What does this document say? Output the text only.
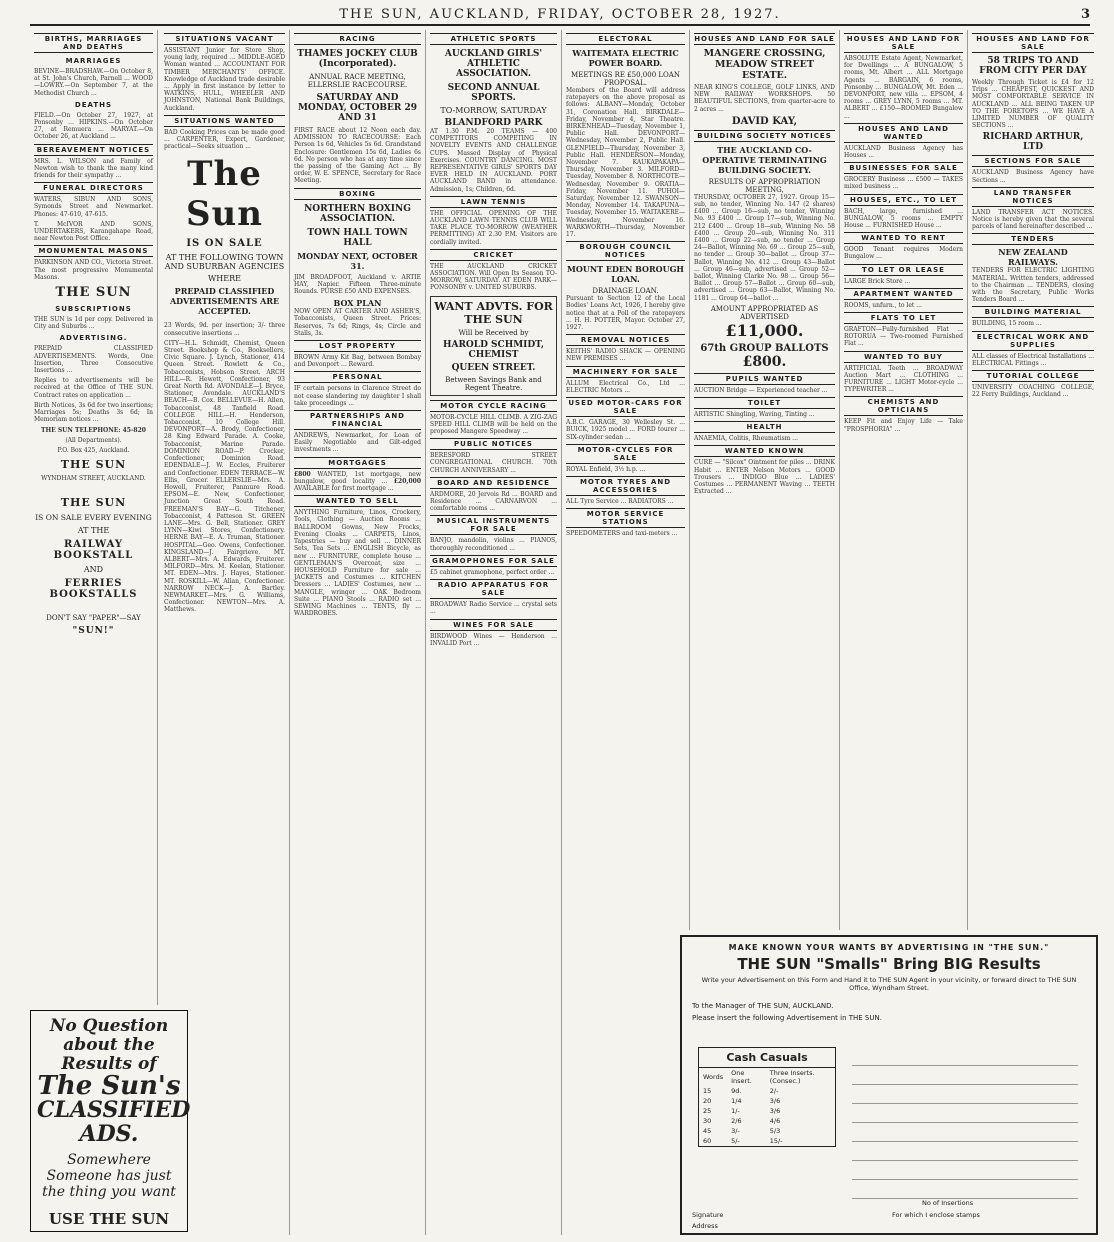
THE SUN, AUCKLAND, FRIDAY, OCTOBER 28, 1927.	3
BIRTHS, MARRIAGES AND DEATHS
MARRIAGES

BEVINE—BRADSHAW.—On October 8, at St. John's Church, Parnell ... WOOD—LOWRY.—On September 7, at the Methodist Church ...

DEATHS

FIELD.—On October 27, 1927, at Ponsonby ... HIPKINS.—On October 27, at Remuera ... MARYAT.—On October 26, at Auckland ...

BEREAVEMENT NOTICES

MRS. L. WILSON and Family of Newton wish to thank the many kind friends for their sympathy ...

FUNERAL DIRECTORS

WATERS, SIBUN AND SONS, Symonds Street and Newmarket. Phones: 47-610, 47-615.

T. McIVOR AND SONS, UNDERTAKERS, Karangahape Road, near Newton Post Office.

MONUMENTAL MASONS

PARKINSON AND CO., Victoria Street. The most progressive Monumental Masons.

THE SUN
SUBSCRIPTIONS

THE SUN is 1d per copy. Delivered in City and Suburbs ...

ADVERTISING.

PREPAID CLASSIFIED ADVERTISEMENTS. Words, One Insertion, Three Consecutive Insertions ...

Replies to advertisements will be received at the Office of THE SUN. Contract rates on application ...

Birth Notices, 3s 6d for two insertions; Marriages 5s; Deaths 3s 6d; In Memoriam notices ...

THE SUN TELEPHONE: 45-820
(All Departments).
P.O. Box 425, Auckland.
THE SUN
WYNDHAM STREET, AUCKLAND.
THE SUN
IS ON SALE EVERY EVENING
AT THE
RAILWAY BOOKSTALL
AND
FERRIES BOOKSTALLS
DON'T SAY "PAPER"—SAY
"SUN!"
No Question about the Results of
The Sun's
CLASSIFIED ADS.
Somewhere Someone has just the thing you want
USE THE SUN
SITUATIONS VACANT

ASSISTANT Junior for Store Shop, young lady, required ... MIDDLE-AGED Woman wanted ... ACCOUNTANT FOR TIMBER MERCHANTS' OFFICE. Knowledge of Auckland trade desirable ... Apply in first instance by letter to WATKINS, HULL, WHEELER AND JOHNSTON, National Bank Buildings, Auckland.

SITUATIONS WANTED

BAD Cooking Prices can be made good ... CARPENTER, Expert, Gardener, practical—Seeks situation ...

The Sun
IS ON SALE
AT THE FOLLOWING TOWN AND SUBURBAN AGENCIES
WHERE
PREPAID CLASSIFIED ADVERTISEMENTS ARE ACCEPTED.

23 Words, 9d. per insertion; 3/- three consecutive insertions ...

CITY—H.L. Schmidt, Chemist, Queen Street. Bookshop & Co., Booksellers, Civic Square. J. Lynch, Stationer, 414 Queen Street. Rowlett & Co., Tobacconists, Hobson Street. ARCH HILL—R. Hewett, Confectioner, 93 Great North Rd. AVONDALE—J. Bryce, Stationer, Avondale. AUCKLAND'S BEACH—B. Cox. BELLEVUE—H. Allen, Tobacconist, 48 Tanfield Road. COLLEGE HILL—H. Henderson, Tobacconist, 10 College Hill. DEVONPORT—A. Brody, Confectioner, 28 King Edward Parade. A. Cooke, Tobacconist, Marine Parade. DOMINION ROAD—P. Crocker, Confectioner, Dominion Road. EDENDALE—J. W. Eccles, Fruiterer and Confectioner. EDEN TERRACE—W. Ellis, Grocer. ELLERSLIE—Mrs. A. Howell, Fruiterer, Panmure Road. EPSOM—E. New, Confectioner, Junction Great South Road. FREEMAN'S BAY—G. Titchener, Tobacconist, 4 Patteson St. GREEN LANE—Mrs. G. Bell, Stationer. GREY LYNN—Kiwi Stores, Confectionery. HERNE BAY—E. A. Truman, Stationer. HOSPITAL—Geo. Owens, Confectioner. KINGSLAND—J. Fairgrieve. MT. ALBERT—Mrs. A. Edwards, Fruiterer. MILFORD—Mrs. M. Keelan, Stationer. MT. EDEN—Mrs. J. Hayes, Stationer. MT. ROSKILL—W. Allan, Confectioner. NARROW NECK—J. A. Bartley. NEWMARKET—Mrs. G. Williams, Confectioner. NEWTON—Mrs. A. Matthews.

RACING
THAMES JOCKEY CLUB (Incorporated).
ANNUAL RACE MEETING, ELLERSLIE RACECOURSE.
SATURDAY AND MONDAY, OCTOBER 29 AND 31

FIRST RACE about 12 Noon each day. ADMISSION TO RACECOURSE: Each Person 1s 6d, Vehicles 5s 6d. Grandstand Enclosure: Gentlemen 15s 6d, Ladies 6s 6d. No person who has at any time since the passing of the Gaming Act ... By order, W. E. SPENCE, Secretary for Race Meeting.

BOXING
NORTHERN BOXING ASSOCIATION.
TOWN HALL TOWN HALL
MONDAY NEXT, OCTOBER 31.

JIM BROADFOOT, Auckland v. ARTIE HAY, Napier. Fifteen Three-minute Rounds. PURSE £50 AND EXPENSES.

BOX PLAN

NOW OPEN AT CARTER AND ASHER'S, Tobacconists, Queen Street. Prices: Reserves, 7s 6d; Rings, 4s; Circle and Stalls, 3s.

LOST PROPERTY

BROWN Army Kit Bag, between Bombay and Devonport ... Reward.

PERSONAL

IF certain persons in Clarence Street do not cease slandering my daughter I shall take proceedings ...

PARTNERSHIPS AND FINANCIAL

ANDREWS, Newmarket, for Loan of Easily Negotiable and Gilt-edged investments ...

MORTGAGES

£800 WANTED, 1st mortgage, new bungalow, good locality ... £20,000 AVAILABLE for first mortgage ...

WANTED TO SELL

ANYTHING Furniture, Linos, Crockery, Tools, Clothing — Auction Rooms ... BALLROOM Gowns, New Frocks, Evening Cloaks ... CARPETS, Linos, Tapestries — buy and sell ... DINNER Sets, Tea Sets ... ENGLISH Bicycle, as new ... FURNITURE, complete house ... GENTLEMAN'S Overcoat, size ... HOUSEHOLD Furniture for sale ... JACKETS and Costumes ... KITCHEN Dressers ... LADIES' Costumes, new ... MANGLE, wringer ... OAK Bedroom Suite ... PIANO Stools ... RADIO set ... SEWING Machines ... TENTS, fly ... WARDROBES.

ATHLETIC SPORTS
AUCKLAND GIRLS' ATHLETIC ASSOCIATION.
SECOND ANNUAL SPORTS.
TO-MORROW, SATURDAY
BLANDFORD PARK

AT 1.30 P.M. 20 TEAMS — 400 COMPETITORS COMPETING IN NOVELTY EVENTS AND CHALLENGE CUPS. Massed Display of Physical Exercises. COUNTRY DANCING. MOST REPRESENTATIVE GIRLS' SPORTS DAY EVER HELD IN AUCKLAND. PORT AUCKLAND BAND in attendance. Admission, 1s; Children, 6d.

LAWN TENNIS

THE OFFICIAL OPENING OF THE AUCKLAND LAWN TENNIS CLUB WILL TAKE PLACE TO-MORROW (WEATHER PERMITTING) AT 2.30 P.M. Visitors are cordially invited.

CRICKET

THE AUCKLAND CRICKET ASSOCIATION. Will Open Its Season TO-MORROW, SATURDAY. AT EDEN PARK—PONSONBY v. UNITED SUBURBS.

WANT ADVTS. FOR THE SUN
Will be Received by
HAROLD SCHMIDT, CHEMIST
QUEEN STREET.
Between Savings Bank and Regent Theatre.
MOTOR CYCLE RACING

MOTOR-CYCLE HILL CLIMB. A ZIG-ZAG SPEED HILL CLIMB will be held on the proposed Mangere Speedway ...

PUBLIC NOTICES

BERESFORD STREET CONGREGATIONAL CHURCH. 70th CHURCH ANNIVERSARY ...

BOARD AND RESIDENCE

ARDMORE, 20 Jervois Rd ... BOARD and Residence ... CARNARVON ... comfortable rooms ...

MUSICAL INSTRUMENTS FOR SALE

BANJO, mandolin, violins ... PIANOS, thoroughly reconditioned ...

GRAMOPHONES FOR SALE

£5 cabinet gramophone, perfect order ...

RADIO APPARATUS FOR SALE

BROADWAY Radio Service ... crystal sets ...

WINES FOR SALE

BIRDWOOD Wines — Henderson ... INVALID Port ...

ELECTORAL
WAITEMATA ELECTRIC POWER BOARD.
MEETINGS RE £50,000 LOAN PROPOSAL.

Members of the Board will address ratepayers on the above proposal as follows: ALBANY—Monday, October 31, Coronation Hall. BIRKDALE—Friday, November 4, Star Theatre. BIRKENHEAD—Tuesday, November 1, Public Hall. DEVONPORT—Wednesday, November 2, Public Hall. GLENFIELD—Thursday, November 3, Public Hall. HENDERSON—Monday, November 7. KAUKAPAKAPA—Thursday, November 3. MILFORD—Tuesday, November 8. NORTHCOTE—Wednesday, November 9. ORATIA—Friday, November 11. PUHOI—Saturday, November 12. SWANSON—Monday, November 14. TAKAPUNA—Tuesday, November 15. WAITAKERE—Wednesday, November 16. WARKWORTH—Thursday, November 17.

BOROUGH COUNCIL NOTICES
MOUNT EDEN BOROUGH LOAN.
DRAINAGE LOAN.

Pursuant to Section 12 of the Local Bodies' Loans Act, 1926, I hereby give notice that at a Poll of the ratepayers ... H. H. POTTER, Mayor. October 27, 1927.

REMOVAL NOTICES

KEITHS' RADIO SHACK — OPENING NEW PREMISES ...

MACHINERY FOR SALE

ALLUM Electrical Co., Ltd ... ELECTRIC Motors ...

USED MOTOR-CARS FOR SALE

A.B.C. GARAGE, 30 Wellesley St. ... BUICK, 1925 model ... FORD tourer ... SIX-cylinder sedan ...

MOTOR-CYCLES FOR SALE

ROYAL Enfield, 3½ h.p. ...

MOTOR TYRES AND ACCESSORIES

ALL Tyre Service ... RADIATORS ...

MOTOR SERVICE STATIONS

SPEEDOMETERS and taxi-meters ...

HOUSES AND LAND FOR SALE
MANGERE CROSSING, MEADOW STREET ESTATE.

NEAR KING'S COLLEGE, GOLF LINKS, AND NEW RAILWAY WORKSHOPS. 50 BEAUTIFUL SECTIONS, from quarter-acre to 2 acres ...

DAVID KAY,
BUILDING SOCIETY NOTICES
THE AUCKLAND CO-OPERATIVE TERMINATING BUILDING SOCIETY.
RESULTS OF APPROPRIATION MEETING,

THURSDAY, OCTOBER 27, 1927. Group 15—sub, no tender, Winning No. 147 (2 shares) £400 ... Group 16—sub, no tender, Winning No. 93 £400 ... Group 17—sub, Winning No. 212 £400 ... Group 18—sub, Winning No. 58 £400 ... Group 20—sub, Winning No. 311 £400 ... Group 22—sub, no tender ... Group 24—Ballot, Winning No. 69 ... Group 25—sub, no tender ... Group 30—ballot ... Group 37—Ballot, Winning No. 412 ... Group 43—Ballot ... Group 46—sub, advertised ... Group 52—ballot, Winning Clarke No. 98 ... Group 56—Ballot ... Group 57—Ballot ... Group 60—sub, advertised ... Group 63—Ballot, Winning No. 1181 ... Group 64—ballot ...

AMOUNT APPROPRIATED AS ADVERTISED
£11,000.
67th GROUP BALLOTS
£800.
PUPILS WANTED

AUCTION Bridge — Experienced teacher ...

TOILET

ARTISTIC Shingling, Waving, Tinting ...

HEALTH

ANAEMIA, Colitis, Rheumatism ...

WANTED KNOWN

CURE — "Silcox" Ointment for piles ... DRINK Habit ... ENTER Nelson Motors ... GOOD Trousers ... INDIGO Blue ... LADIES' Costumes ... PERMANENT Waving ... TEETH Extracted ...

HOUSES AND LAND FOR SALE

ABSOLUTE Estate Agent, Newmarket, for Dwellings ... A BUNGALOW, 5 rooms, Mt. Albert ... ALL Mortgage Agents ... BARGAIN, 6 rooms, Ponsonby ... BUNGALOW, Mt. Eden ... DEVONPORT, new villa ... EPSOM, 4 rooms ... GREY LYNN, 5 rooms ... MT. ALBERT ... £150—ROOMED Bungalow ...

HOUSES AND LAND WANTED

AUCKLAND Business Agency has Houses ...

BUSINESSES FOR SALE

GROCERY Business ... £500 — TAKES mixed business ...

HOUSES, ETC., TO LET

BACH, large, furnished ... BUNGALOW, 5 rooms ... EMPTY House ... FURNISHED House ...

WANTED TO RENT

GOOD Tenant requires Modern Bungalow ...

TO LET OR LEASE

LARGE Brick Store ...

APARTMENT WANTED

ROOMS, unfurn., to let ...

FLATS TO LET

GRAFTON—Fully-furnished Flat ... ROTORUA — Two-roomed Furnished Flat ...

WANTED TO BUY

ARTIFICIAL Teeth ... BROADWAY Auction Mart ... CLOTHING ... FURNITURE ... LIGHT Motor-cycle ... TYPEWRITER ...

CHEMISTS AND OPTICIANS

KEEP Fit and Enjoy Life — Take "PROSPHORIA" ...

HOUSES AND LAND FOR SALE
58 TRIPS TO AND FROM CITY PER DAY

Weekly Through Ticket is £4 for 12 Trips ... CHEAPEST, QUICKEST AND MOST COMFORTABLE SERVICE IN AUCKLAND ... ALL BEING TAKEN UP TO THE FORETOPS ... WE HAVE A LIMITED NUMBER OF QUALITY SECTIONS ...

RICHARD ARTHUR, LTD
SECTIONS FOR SALE

AUCKLAND Business Agency have Sections ...

LAND TRANSFER NOTICES

LAND TRANSFER ACT NOTICES. Notice is hereby given that the several parcels of land hereinafter described ...

TENDERS
NEW ZEALAND RAILWAYS.

TENDERS FOR ELECTRIC LIGHTING MATERIAL. Written tenders, addressed to the Chairman ... TENDERS, closing with the Secretary, Public Works Tenders Board ...

BUILDING MATERIAL

BUILDING, 15 room ...

ELECTRICAL WORK AND SUPPLIES

ALL classes of Electrical Installations ... ELECTRICAL Fittings ...

TUTORIAL COLLEGE

UNIVERSITY COACHING COLLEGE, 22 Ferry Buildings, Auckland ...

MAKE KNOWN YOUR WANTS BY ADVERTISING IN "THE SUN."
THE SUN "Smalls" Bring BIG Results
Write your Advertisement on this Form and Hand it to THE SUN Agent in your vicinity, or forward direct to THE SUN Office, Wyndham Street.
To the Manager of THE SUN, AUCKLAND.
Please insert the following Advertisement in THE SUN.
Cash Casuals
Words	One Insert.	Three Inserts. (Consec.)
15	9d.	2/-
20	1/4	3/6
25	1/-	3/6
30	2/6	4/6
45	3/-	5/3
60	5/-	15/-
No of Insertions
Signature	For which I enclose stamps
Address
